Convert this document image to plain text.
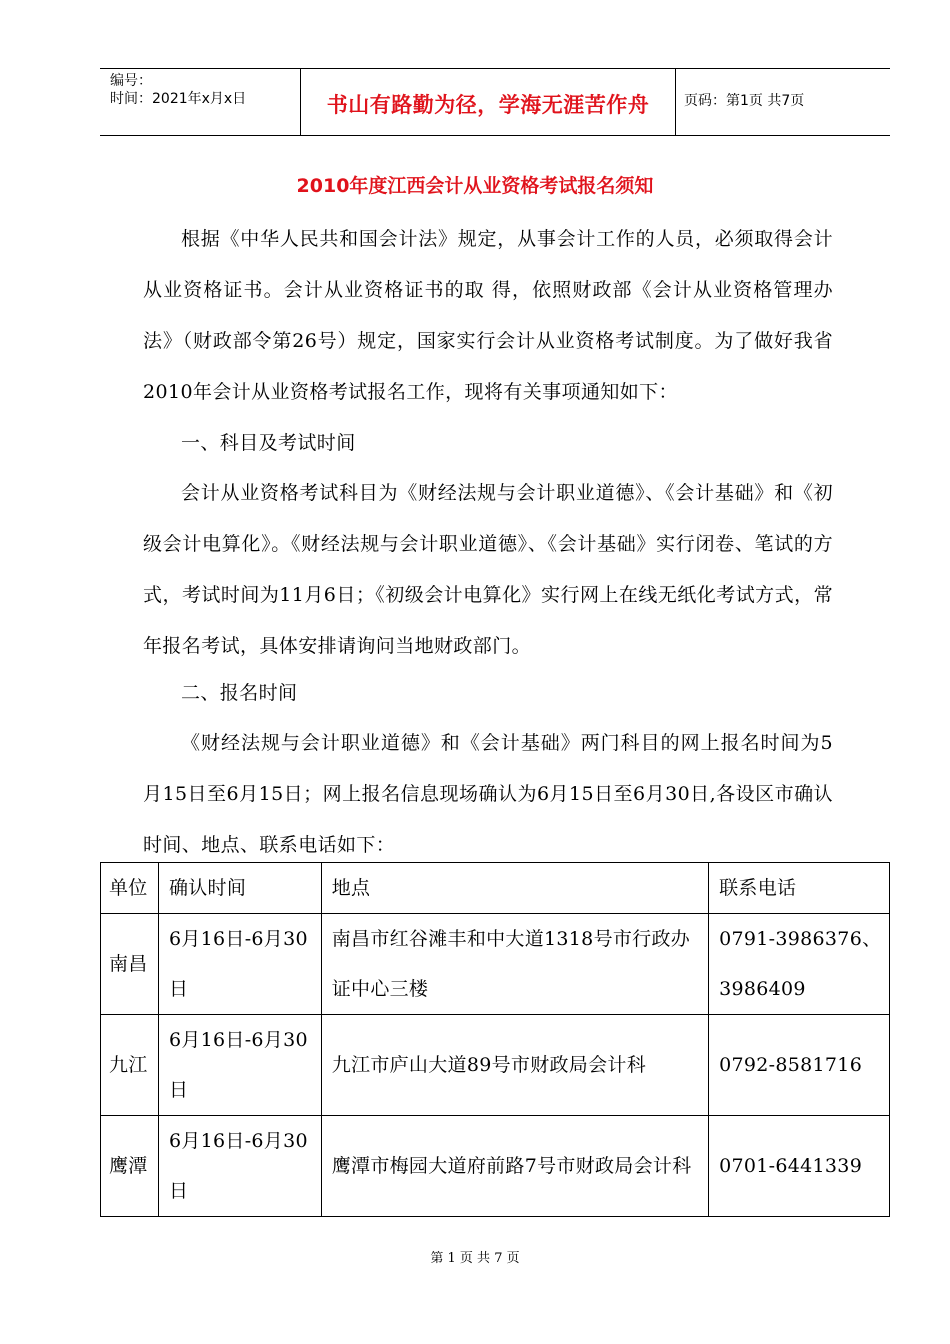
编号：
时间：2021年x月x日	书山有路勤为径，学海无涯苦作舟	页码：第1页 共7页
2010年度江西会计从业资格考试报名须知

根据《中华人民共和国会计法》规定，从事会计工作的人员，必须取得会计从业资格证书。会计从业资格证书的取 得，依照财政部《会计从业资格管理办法》（财政部令第26号）规定，国家实行会计从业资格考试制度。为了做好我省2010年会计从业资格考试报名工作，现将有关事项通知如下：

一、科目及考试时间

会计从业资格考试科目为《财经法规与会计职业道德》、《会计基础》和《初级会计电算化》。《财经法规与会计职业道德》、《会计基础》实行闭卷、笔试的方式，考试时间为11月6日；《初级会计电算化》实行网上在线无纸化考试方式，常年报名考试，具体安排请询问当地财政部门。

二、报名时间

《财经法规与会计职业道德》和《会计基础》两门科目的网上报名时间为5月15日至6月15日；网上报名信息现场确认为6月15日至6月30日,各设区市确认时间、地点、联系电话如下：

单位	确认时间	地点	联系电话
南昌	6月16日-6月30日	南昌市红谷滩丰和中大道1318号市行政办证中心三楼	0791-3986376、3986409
九江	6月16日-6月30日	九江市庐山大道89号市财政局会计科	0792-8581716
鹰潭	6月16日-6月30日	鹰潭市梅园大道府前路7号市财政局会计科	0701-6441339
第 1 页 共 7 页
